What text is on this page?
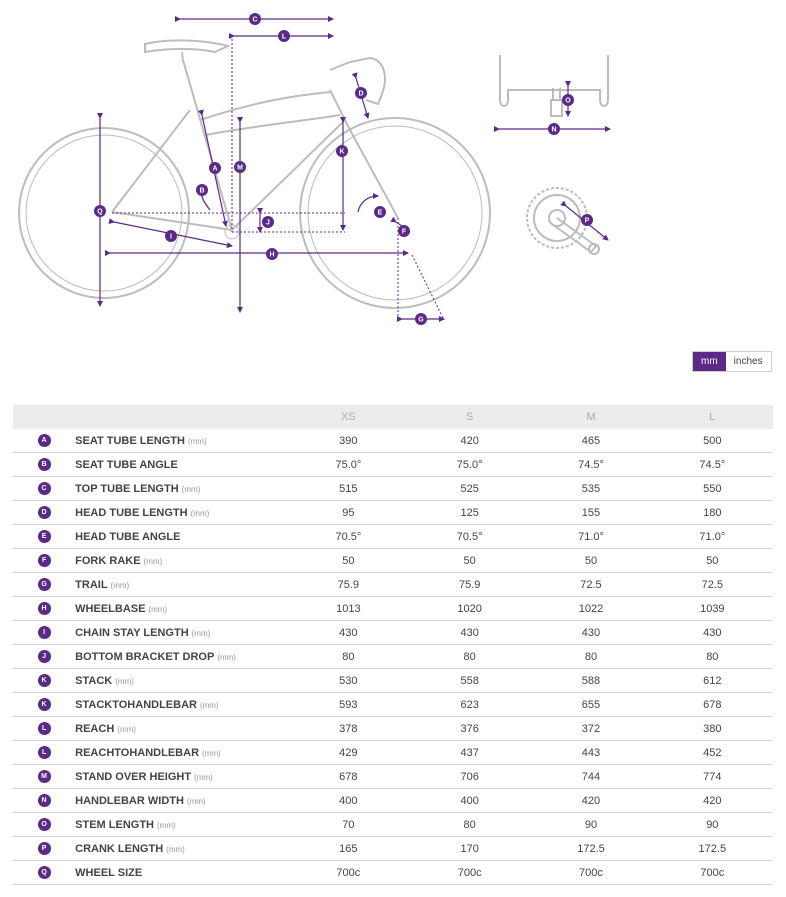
C
L
D
K
M
A
B
Q	E
J
F
I
H
G
O
N
P
mm	inches
		XS	S	M	L
A	SEAT TUBE LENGTH (mm)	390	420	465	500
B	SEAT TUBE ANGLE	75.0°	75.0°	74.5°	74.5°
C	TOP TUBE LENGTH (mm)	515	525	535	550
D	HEAD TUBE LENGTH (mm)	95	125	155	180
E	HEAD TUBE ANGLE	70.5°	70.5°	71.0°	71.0°
F	FORK RAKE (mm)	50	50	50	50
G	TRAIL (mm)	75.9	75.9	72.5	72.5
H	WHEELBASE (mm)	1013	1020	1022	1039
I	CHAIN STAY LENGTH (mm)	430	430	430	430
J	BOTTOM BRACKET DROP (mm)	80	80	80	80
K	STACK (mm)	530	558	588	612
K	STACKTOHANDLEBAR (mm)	593	623	655	678
L	REACH (mm)	378	376	372	380
L	REACHTOHANDLEBAR (mm)	429	437	443	452
M	STAND OVER HEIGHT (mm)	678	706	744	774
N	HANDLEBAR WIDTH (mm)	400	400	420	420
O	STEM LENGTH (mm)	70	80	90	90
P	CRANK LENGTH (mm)	165	170	172.5	172.5
Q	WHEEL SIZE	700c	700c	700c	700c
